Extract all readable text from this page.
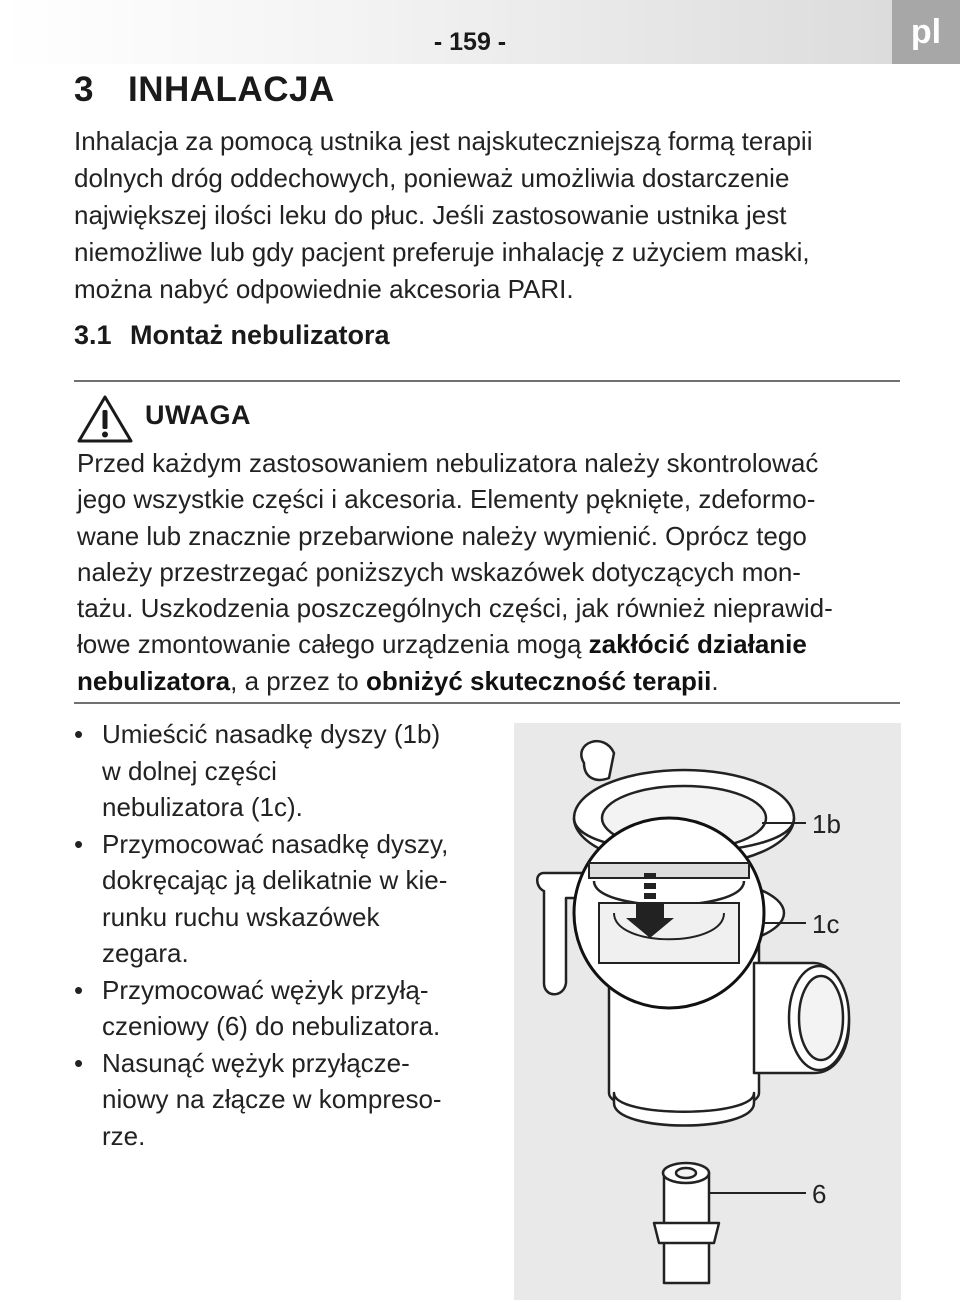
- 159 -	pl
3 INHALACJA
Inhalacja za pomocą ustnika jest najskuteczniejszą formą terapii
dolnych dróg oddechowych, ponieważ umożliwia dostarczenie
największej ilości leku do płuc. Jeśli zastosowanie ustnika jest
niemożliwe lub gdy pacjent preferuje inhalację z użyciem maski,
można nabyć odpowiednie akcesoria PARI.
3.1 Montaż nebulizatora
UWAGA
Przed każdym zastosowaniem nebulizatora należy skontrolować
jego wszystkie części i akcesoria. Elementy pęknięte, zdeformo-
wane lub znacznie przebarwione należy wymienić. Oprócz tego
należy przestrzegać poniższych wskazówek dotyczących mon-
tażu. Uszkodzenia poszczególnych części, jak również nieprawid-
łowe zmontowanie całego urządzenia mogą zakłócić działanie
nebulizatora, a przez to obniżyć skuteczność terapii.
• Umieścić nasadkę dyszy (1b)
w dolnej części
nebulizatora (1c).
• Przymocować nasadkę dyszy,
dokręcając ją delikatnie w kie-
runku ruchu wskazówek
zegara.
• Przymocować wężyk przyłą-
czeniowy (6) do nebulizatora.
• Nasunąć wężyk przyłącze-
niowy na złącze w kompreso-
rze.
1b
1c
6
